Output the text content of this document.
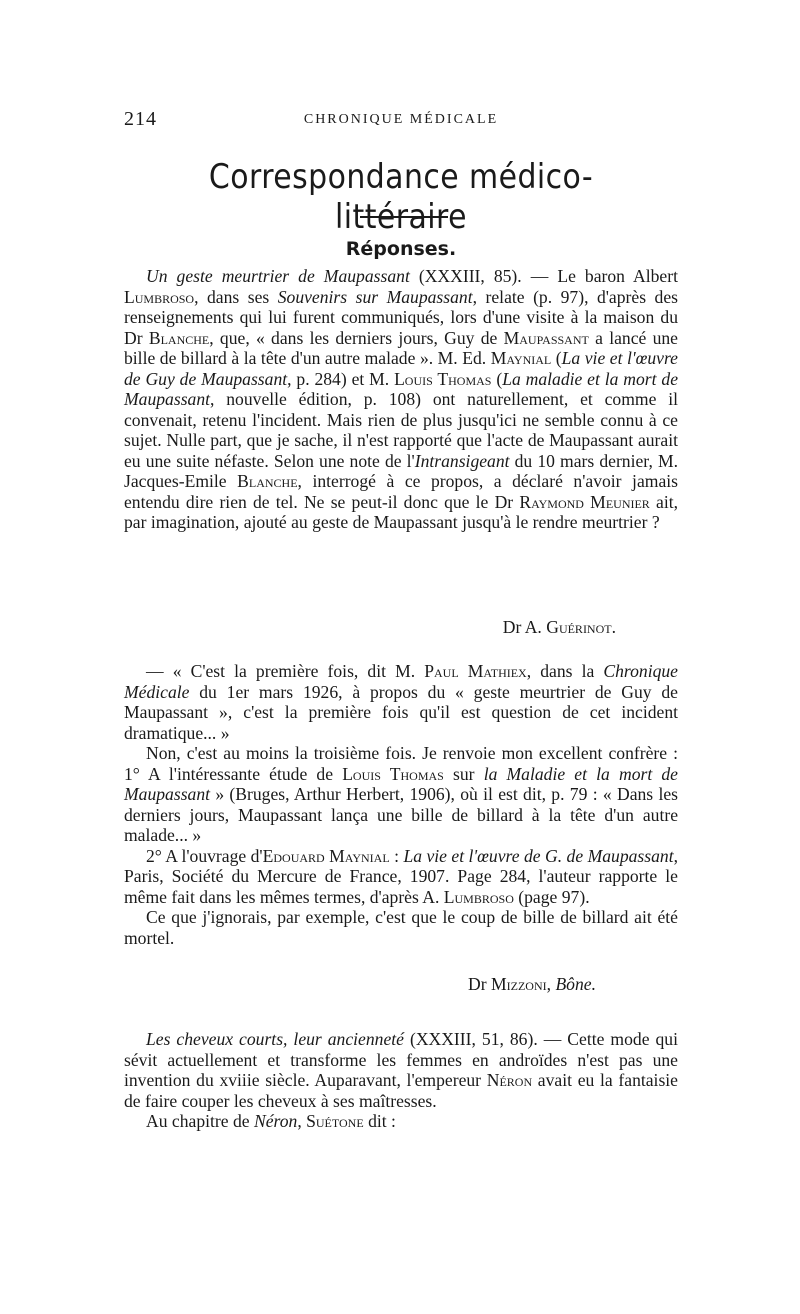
214	CHRONIQUE MÉDICALE
Correspondance médico-littéraire
Réponses.

Un geste meurtrier de Maupassant (XXXIII, 85). — Le baron Albert Lumbroso, dans ses Souvenirs sur Maupassant, relate (p. 97), d'après des renseignements qui lui furent communiqués, lors d'une visite à la maison du Dr Blanche, que, « dans les derniers jours, Guy de Maupassant a lancé une bille de billard à la tête d'un autre malade ». M. Ed. Maynial (La vie et l'œuvre de Guy de Maupassant, p. 284) et M. Louis Thomas (La maladie et la mort de Maupassant, nouvelle édition, p. 108) ont naturellement, et comme il convenait, retenu l'incident. Mais rien de plus jusqu'ici ne semble connu à ce sujet. Nulle part, que je sache, il n'est rapporté que l'acte de Maupassant aurait eu une suite néfaste. Selon une note de l'Intransigeant du 10 mars dernier, M. Jacques-Emile Blanche, interrogé à ce propos, a déclaré n'avoir jamais entendu dire rien de tel. Ne se peut-il donc que le Dr Raymond Meunier ait, par imagination, ajouté au geste de Maupassant jusqu'à le rendre meurtrier ?

Dr A. Guérinot.

— « C'est la première fois, dit M. Paul Mathiex, dans la Chronique Médicale du 1er mars 1926, à propos du « geste meurtrier de Guy de Maupassant », c'est la première fois qu'il est question de cet incident dramatique... »

Non, c'est au moins la troisième fois. Je renvoie mon excellent confrère : 1° A l'intéressante étude de Louis Thomas sur la Maladie et la mort de Maupassant » (Bruges, Arthur Herbert, 1906), où il est dit, p. 79 : « Dans les derniers jours, Maupassant lança une bille de billard à la tête d'un autre malade... »

2° A l'ouvrage d'Edouard Maynial : La vie et l'œuvre de G. de Maupassant, Paris, Société du Mercure de France, 1907. Page 284, l'auteur rapporte le même fait dans les mêmes termes, d'après A. Lumbroso (page 97).

Ce que j'ignorais, par exemple, c'est que le coup de bille de billard ait été mortel.

Dr Mizzoni, Bône.

Les cheveux courts, leur ancienneté (XXXIII, 51, 86). — Cette mode qui sévit actuellement et transforme les femmes en androïdes n'est pas une invention du xviiie siècle. Auparavant, l'empereur Néron avait eu la fantaisie de faire couper les cheveux à ses maîtresses.

Au chapitre de Néron, Suétone dit :
